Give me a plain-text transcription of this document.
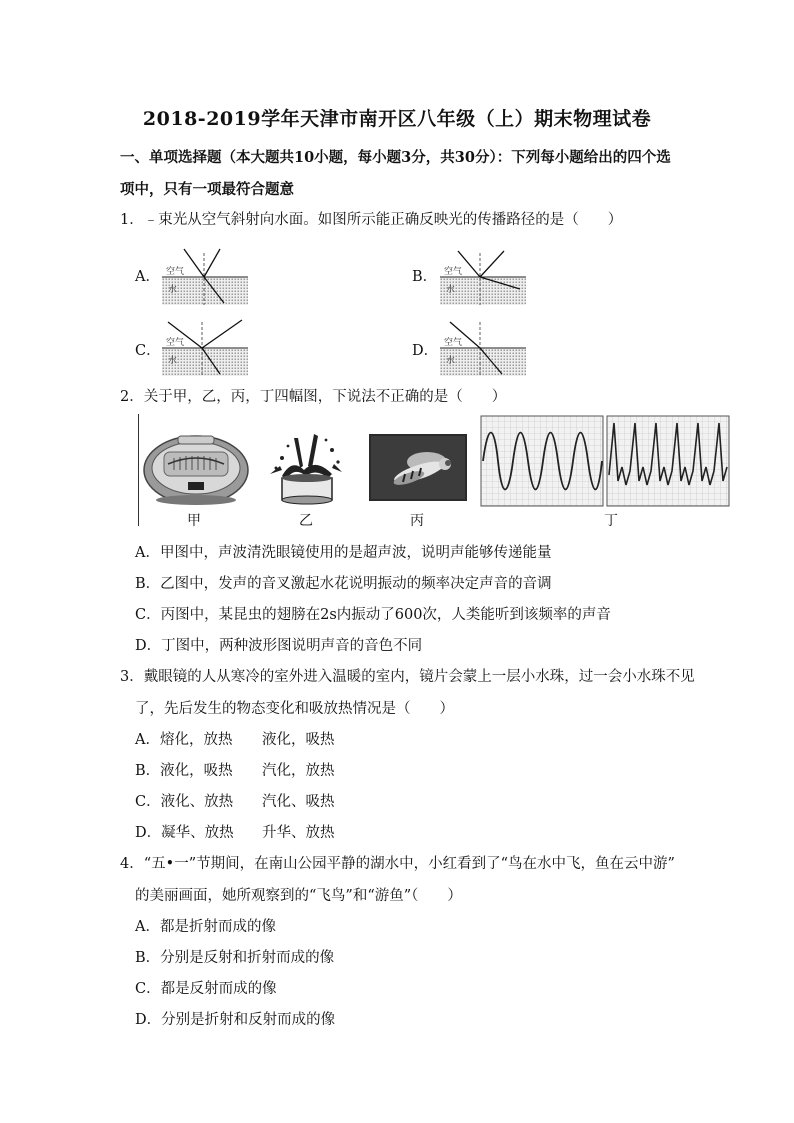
2018-2019学年天津市南开区八年级（上）期末物理试卷
一、单项选择题（本大题共10小题，每小题3分，共30分）：下列每小题给出的四个选
项中，只有一项最符合题意
1．﹣束光从空气斜射向水面。如图所示能正确反映光的传播路径的是（　　）
A． 空气
水
B． 空气
水
C． 空气
水
D． 空气
水
2．关于甲，乙，丙，丁四幅图，下说法不正确的是（　　）
甲	乙	丙	丁
A．甲图中，声波清洗眼镜使用的是超声波，说明声能够传递能量
B．乙图中，发声的音叉激起水花说明振动的频率决定声音的音调
C．丙图中，某昆虫的翅膀在2s内振动了600次，人类能听到该频率的声音
D．丁图中，两种波形图说明声音的音色不同
3．戴眼镜的人从寒冷的室外进入温暖的室内，镜片会蒙上一层小水珠，过一会小水珠不见
了，先后发生的物态变化和吸放热情况是（　　）
A．熔化，放热 液化，吸热
B．液化，吸热 汽化，放热
C．液化、放热 汽化、吸热
D．凝华、放热 升华、放热
4．“五•一”节期间，在南山公园平静的湖水中，小红看到了“鸟在水中飞，鱼在云中游”
的美丽画面，她所观察到的“飞鸟”和“游鱼”（　　）
A．都是折射而成的像
B．分别是反射和折射而成的像
C．都是反射而成的像
D．分别是折射和反射而成的像
